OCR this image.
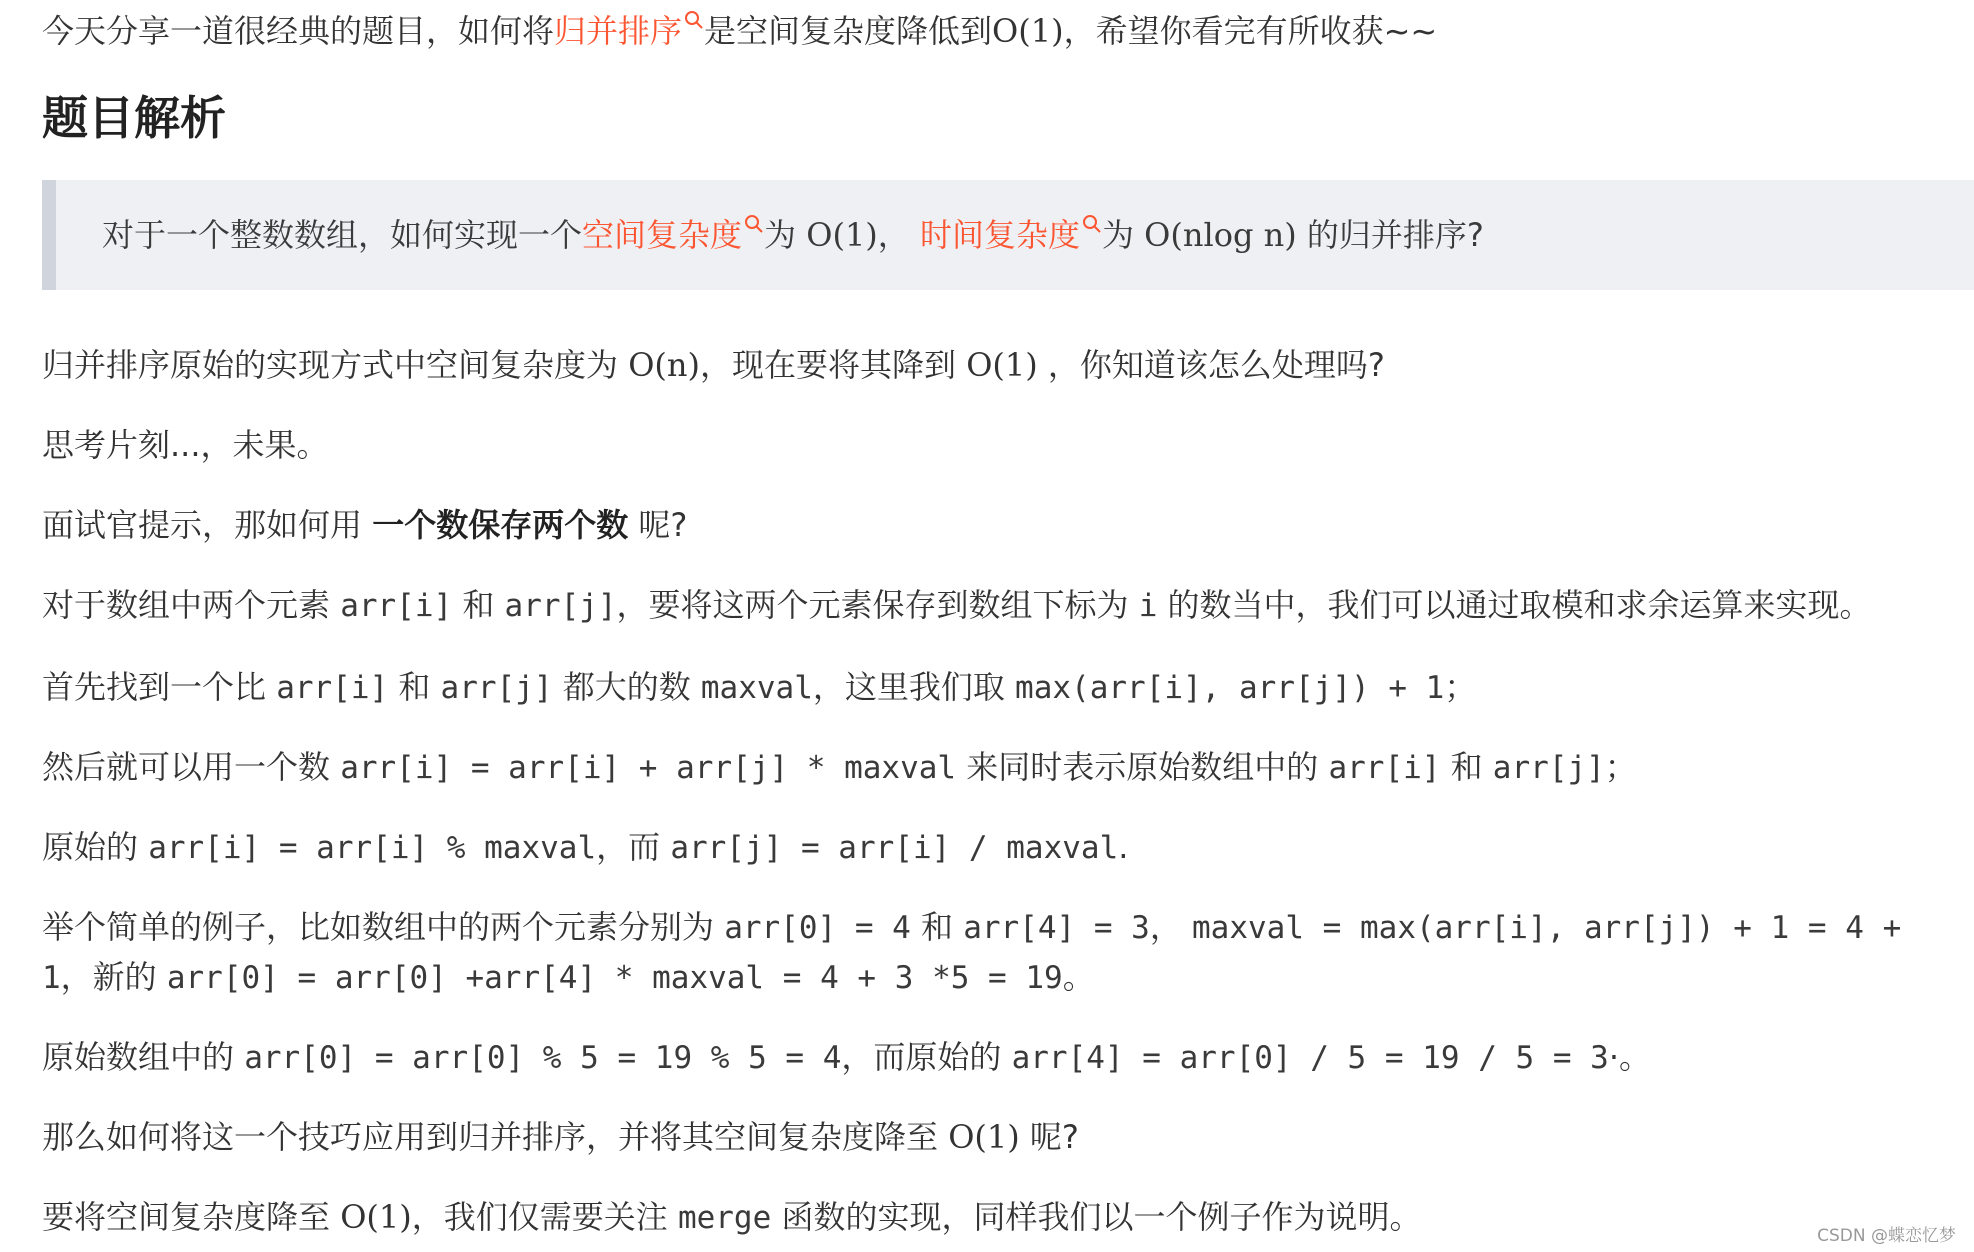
今天分享一道很经典的题目，如何将归并排序 是空间复杂度降低到O(1)，希望你看完有所收获~~
题目解析
对于一个整数数组，如何实现一个空间复杂度 为 O(1)， 时间复杂度 为 O(nlog n) 的归并排序?
归并排序原始的实现方式中空间复杂度为 O(n)，现在要将其降到 O(1) ，你知道该怎么处理吗?
思考片刻...，未果。
面试官提示，那如何用 一个数保存两个数 呢?
对于数组中两个元素 arr[i] 和 arr[j]，要将这两个元素保存到数组下标为 i 的数当中，我们可以通过取模和求余运算来实现。
首先找到一个比 arr[i] 和 arr[j] 都大的数 maxval，这里我们取 max(arr[i], arr[j]) + 1；
然后就可以用一个数 arr[i] = arr[i] + arr[j] * maxval 来同时表示原始数组中的 arr[i] 和 arr[j]；
原始的 arr[i] = arr[i] % maxval，而 arr[j] = arr[i] / maxval.
举个简单的例子，比如数组中的两个元素分别为 arr[0] = 4 和 arr[4] = 3， maxval = max(arr[i], arr[j]) + 1 = 4 +
1，新的 arr[0] = arr[0] +arr[4] * maxval = 4 + 3 *5 = 19。
原始数组中的 arr[0] = arr[0] % 5 = 19 % 5 = 4，而原始的 arr[4] = arr[0] / 5 = 19 / 5 = 3·。
那么如何将这一个技巧应用到归并排序，并将其空间复杂度降至 O(1) 呢?
要将空间复杂度降至 O(1)，我们仅需要关注 merge 函数的实现，同样我们以一个例子作为说明。	CSDN @蝶恋忆梦
